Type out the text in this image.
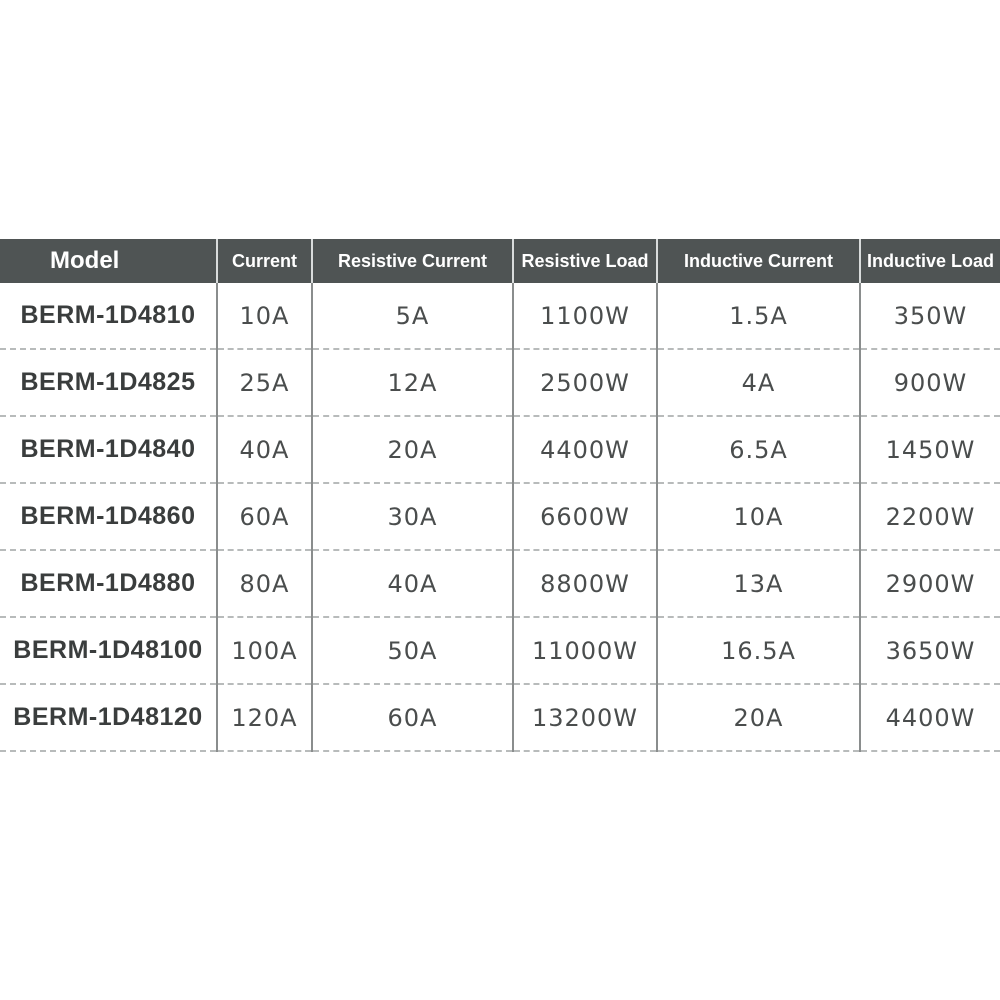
Model	Current	Resistive Current	Resistive Load	Inductive Current	Inductive Load
BERM-1D4810	10A	5A	1100W	1.5A	350W
BERM-1D4825	25A	12A	2500W	4A	900W
BERM-1D4840	40A	20A	4400W	6.5A	1450W
BERM-1D4860	60A	30A	6600W	10A	2200W
BERM-1D4880	80A	40A	8800W	13A	2900W
BERM-1D48100	100A	50A	11000W	16.5A	3650W
BERM-1D48120	120A	60A	13200W	20A	4400W
